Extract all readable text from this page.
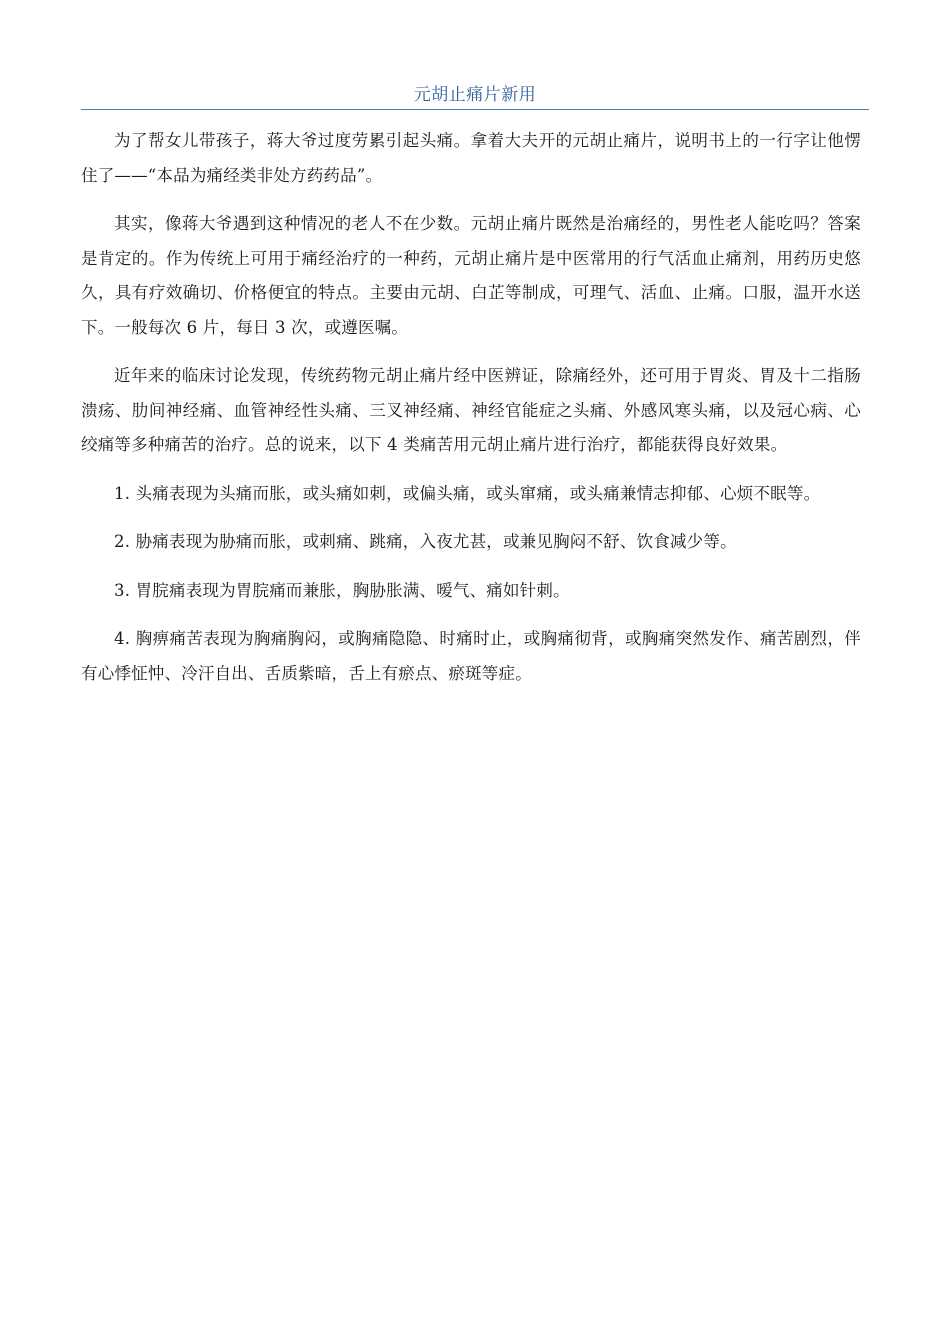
元胡止痛片新用

为了帮女儿带孩子，蒋大爷过度劳累引起头痛。拿着大夫开的元胡止痛片，说明书上的一行字让他愣住了——“本品为痛经类非处方药药品”。

其实，像蒋大爷遇到这种情况的老人不在少数。元胡止痛片既然是治痛经的，男性老人能吃吗？答案是肯定的。作为传统上可用于痛经治疗的一种药，元胡止痛片是中医常用的行气活血止痛剂，用药历史悠久，具有疗效确切、价格便宜的特点。主要由元胡、白芷等制成，可理气、活血、止痛。口服，温开水送下。一般每次 6 片，每日 3 次，或遵医嘱。

近年来的临床讨论发现，传统药物元胡止痛片经中医辨证，除痛经外，还可用于胃炎、胃及十二指肠溃疡、肋间神经痛、血管神经性头痛、三叉神经痛、神经官能症之头痛、外感风寒头痛，以及冠心病、心绞痛等多种痛苦的治疗。总的说来，以下 4 类痛苦用元胡止痛片进行治疗，都能获得良好效果。

1. 头痛表现为头痛而胀，或头痛如刺，或偏头痛，或头窜痛，或头痛兼情志抑郁、心烦不眠等。

2. 胁痛表现为胁痛而胀，或刺痛、跳痛，入夜尤甚，或兼见胸闷不舒、饮食减少等。

3. 胃脘痛表现为胃脘痛而兼胀，胸胁胀满、嗳气、痛如针刺。

4. 胸痹痛苦表现为胸痛胸闷，或胸痛隐隐、时痛时止，或胸痛彻背，或胸痛突然发作、痛苦剧烈，伴有心悸怔忡、冷汗自出、舌质紫暗，舌上有瘀点、瘀斑等症。
